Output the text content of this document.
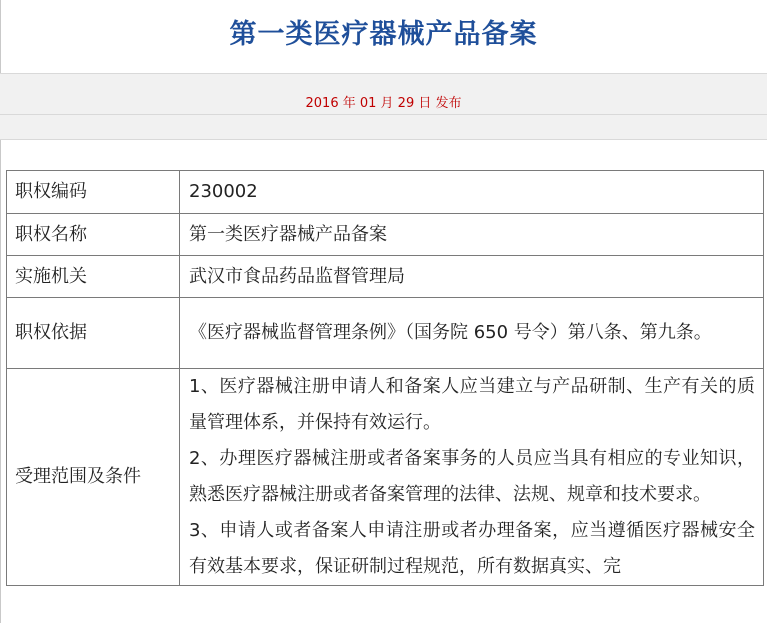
第一类医疗器械产品备案
2016 年 01 月 29 日 发布
职权编码	230002
职权名称	第一类医疗器械产品备案
实施机关	武汉市食品药品监督管理局
职权依据	《医疗器械监督管理条例》（国务院 650 号令）第八条、第九条。
受理范围及条件	1、医疗器械注册申请人和备案人应当建立与产品研制、生产有关的质量管理体系，并保持有效运行。

2、办理医疗器械注册或者备案事务的人员应当具有相应的专业知识，熟悉医疗器械注册或者备案管理的法律、法规、规章和技术要求。

3、申请人或者备案人申请注册或者办理备案，应当遵循医疗器械安全有效基本要求，保证研制过程规范，所有数据真实、完
